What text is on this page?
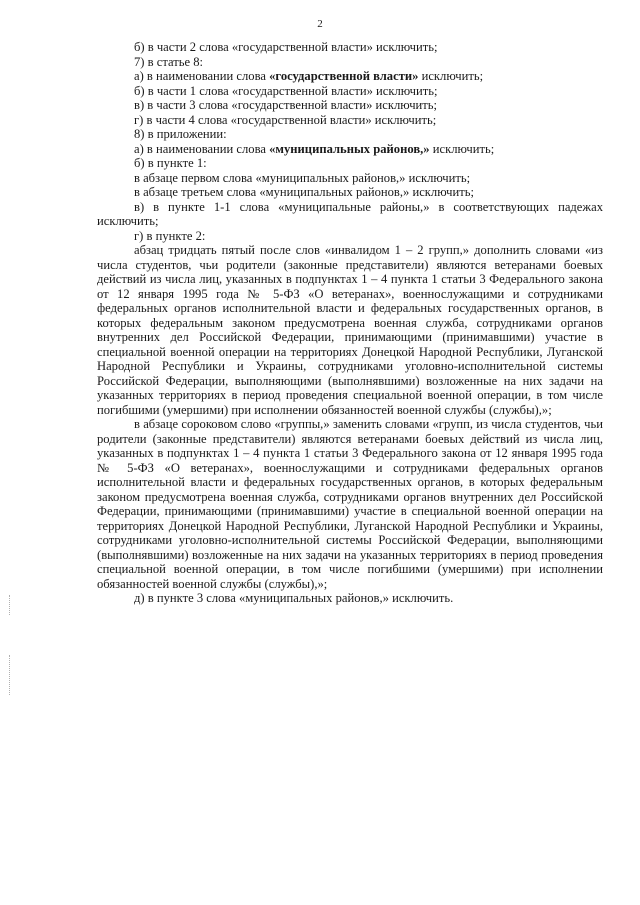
2

б) в части 2 слова «государственной власти» исключить;

7) в статье 8:

а) в наименовании слова «государственной власти» исключить;

б) в части 1 слова «государственной власти» исключить;

в) в части 3 слова «государственной власти» исключить;

г) в части 4 слова «государственной власти» исключить;

8) в приложении:

а) в наименовании слова «муниципальных районов,» исключить;

б) в пункте 1:

в абзаце первом слова «муниципальных районов,» исключить;

в абзаце третьем слова «муниципальных районов,» исключить;

в) в пункте 1-1 слова «муниципальные районы,» в соответствующих падежах исключить;

г) в пункте 2:

абзац тридцать пятый после слов «инвалидом 1 – 2 групп,» дополнить словами «из числа студентов, чьи родители (законные представители) являются ветеранами боевых действий из числа лиц, указанных в подпунктах 1 – 4 пункта 1 статьи 3 Федерального закона от 12 января 1995 года № 5-ФЗ «О ветеранах», военнослужащими и сотрудниками федеральных органов исполнительной власти и федеральных государственных органов, в которых федеральным законом предусмотрена военная служба, сотрудниками органов внутренних дел Российской Федерации, принимающими (принимавшими) участие в специальной военной операции на территориях Донецкой Народной Республики, Луганской Народной Республики и Украины, сотрудниками уголовно-исполнительной системы Российской Федерации, выполняющими (выполнявшими) возложенные на них задачи на указанных территориях в период проведения специальной военной операции, в том числе погибшими (умершими) при исполнении обязанностей военной службы (службы),»;

в абзаце сороковом слово «группы,» заменить словами «групп, из числа студентов, чьи родители (законные представители) являются ветеранами боевых действий из числа лиц, указанных в подпунктах 1 – 4 пункта 1 статьи 3 Федерального закона от 12 января 1995 года № 5-ФЗ «О ветеранах», военнослужащими и сотрудниками федеральных органов исполнительной власти и федеральных государственных органов, в которых федеральным законом предусмотрена военная служба, сотрудниками органов внутренних дел Российской Федерации, принимающими (принимавшими) участие в специальной военной операции на территориях Донецкой Народной Республики, Луганской Народной Республики и Украины, сотрудниками уголовно-исполнительной системы Российской Федерации, выполняющими (выполнявшими) возложенные на них задачи на указанных территориях в период проведения специальной военной операции, в том числе погибшими (умершими) при исполнении обязанностей военной службы (службы),»;

д) в пункте 3 слова «муниципальных районов,» исключить.
